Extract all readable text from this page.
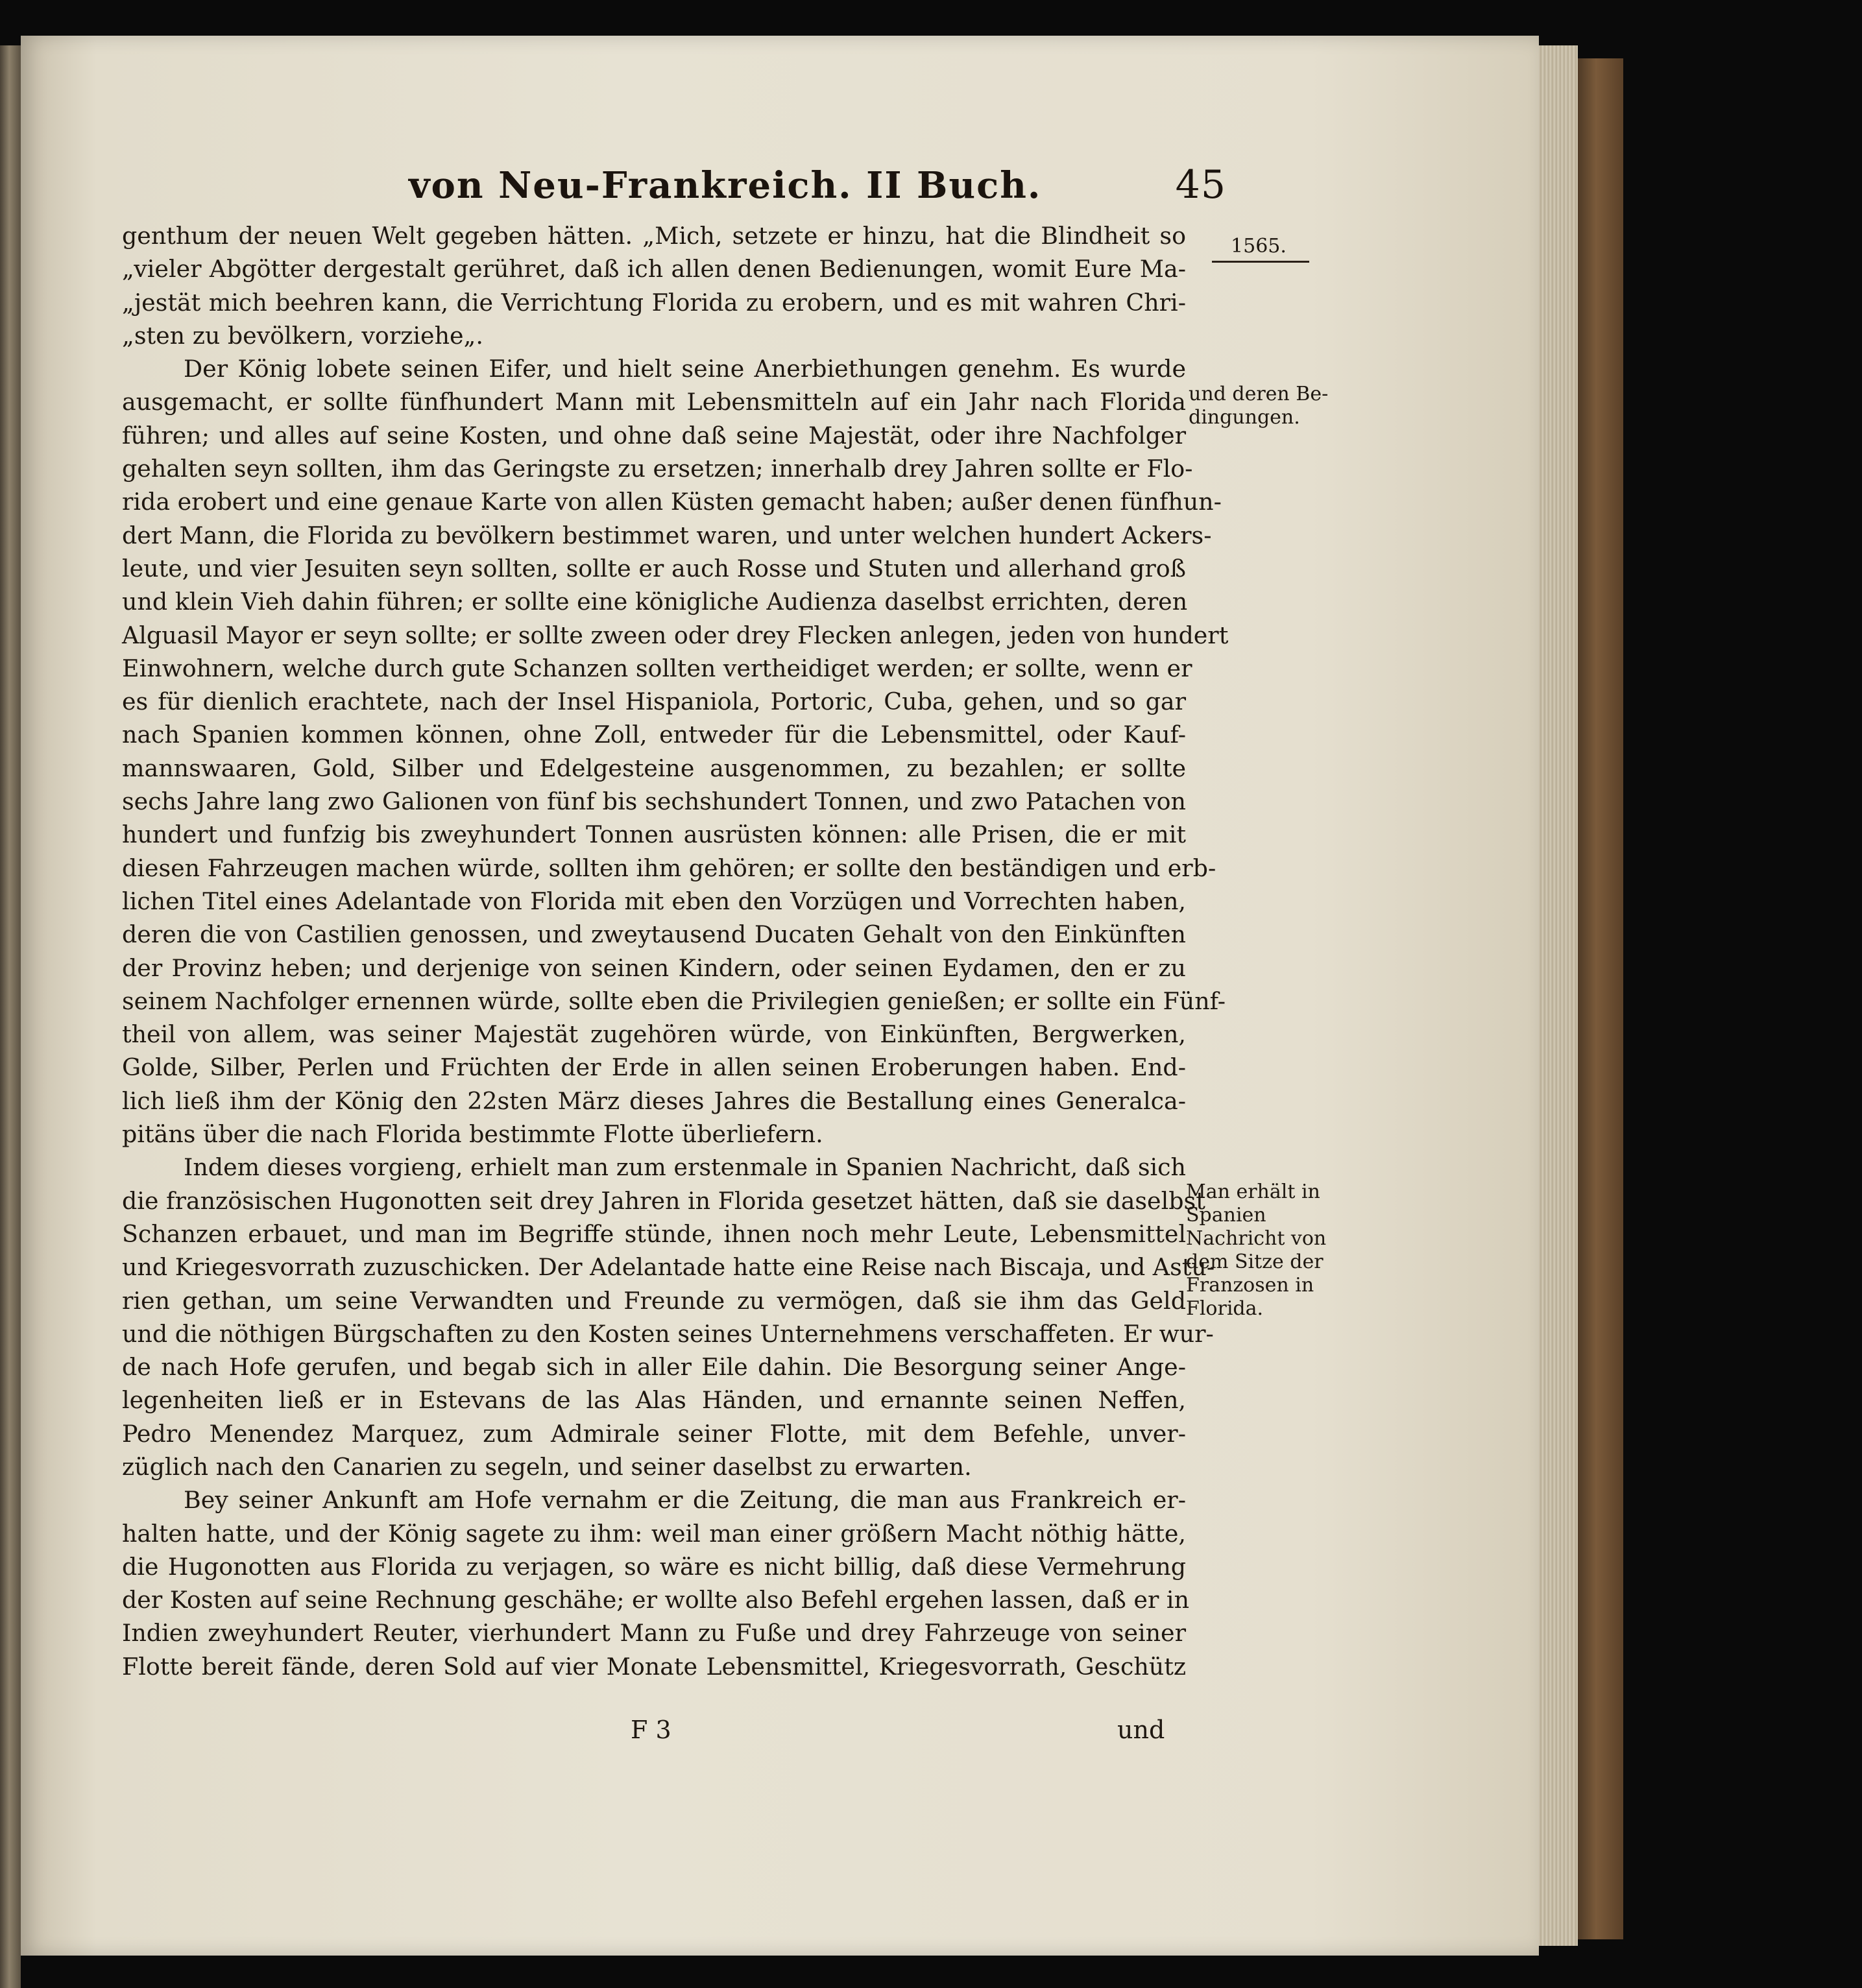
von Neu-Frankreich. II Buch.	45
1565.
und deren Be-
dingungen.
Man erhält in
Spanien
Nachricht von
dem Sitze der
Franzosen in
Florida.
genthum der neuen Welt gegeben hätten. „Mich, setzete er hinzu, hat die Blindheit so
„vieler Abgötter dergestalt gerühret, daß ich allen denen Bedienungen, womit Eure Ma-
„jestät mich beehren kann, die Verrichtung Florida zu erobern, und es mit wahren Chri-
„sten zu bevölkern, vorziehe„.
Der König lobete seinen Eifer, und hielt seine Anerbiethungen genehm. Es wurde
ausgemacht, er sollte fünfhundert Mann mit Lebensmitteln auf ein Jahr nach Florida
führen; und alles auf seine Kosten, und ohne daß seine Majestät, oder ihre Nachfolger
gehalten seyn sollten, ihm das Geringste zu ersetzen; innerhalb drey Jahren sollte er Flo-
rida erobert und eine genaue Karte von allen Küsten gemacht haben; außer denen fünfhun-
dert Mann, die Florida zu bevölkern bestimmet waren, und unter welchen hundert Ackers-
leute, und vier Jesuiten seyn sollten, sollte er auch Rosse und Stuten und allerhand groß
und klein Vieh dahin führen; er sollte eine königliche Audienza daselbst errichten, deren
Alguasil Mayor er seyn sollte; er sollte zween oder drey Flecken anlegen, jeden von hundert
Einwohnern, welche durch gute Schanzen sollten vertheidiget werden; er sollte, wenn er
es für dienlich erachtete, nach der Insel Hispaniola, Portoric, Cuba, gehen, und so gar
nach Spanien kommen können, ohne Zoll, entweder für die Lebensmittel, oder Kauf-
mannswaaren, Gold, Silber und Edelgesteine ausgenommen, zu bezahlen; er sollte
sechs Jahre lang zwo Galionen von fünf bis sechshundert Tonnen, und zwo Patachen von
hundert und funfzig bis zweyhundert Tonnen ausrüsten können: alle Prisen, die er mit
diesen Fahrzeugen machen würde, sollten ihm gehören; er sollte den beständigen und erb-
lichen Titel eines Adelantade von Florida mit eben den Vorzügen und Vorrechten haben,
deren die von Castilien genossen, und zweytausend Ducaten Gehalt von den Einkünften
der Provinz heben; und derjenige von seinen Kindern, oder seinen Eydamen, den er zu
seinem Nachfolger ernennen würde, sollte eben die Privilegien genießen; er sollte ein Fünf-
theil von allem, was seiner Majestät zugehören würde, von Einkünften, Bergwerken,
Golde, Silber, Perlen und Früchten der Erde in allen seinen Eroberungen haben. End-
lich ließ ihm der König den 22sten März dieses Jahres die Bestallung eines Generalca-
pitäns über die nach Florida bestimmte Flotte überliefern.
Indem dieses vorgieng, erhielt man zum erstenmale in Spanien Nachricht, daß sich
die französischen Hugonotten seit drey Jahren in Florida gesetzet hätten, daß sie daselbst
Schanzen erbauet, und man im Begriffe stünde, ihnen noch mehr Leute, Lebensmittel
und Kriegesvorrath zuzuschicken. Der Adelantade hatte eine Reise nach Biscaja, und Astu-
rien gethan, um seine Verwandten und Freunde zu vermögen, daß sie ihm das Geld
und die nöthigen Bürgschaften zu den Kosten seines Unternehmens verschaffeten. Er wur-
de nach Hofe gerufen, und begab sich in aller Eile dahin. Die Besorgung seiner Ange-
legenheiten ließ er in Estevans de las Alas Händen, und ernannte seinen Neffen,
Pedro Menendez Marquez, zum Admirale seiner Flotte, mit dem Befehle, unver-
züglich nach den Canarien zu segeln, und seiner daselbst zu erwarten.
Bey seiner Ankunft am Hofe vernahm er die Zeitung, die man aus Frankreich er-
halten hatte, und der König sagete zu ihm: weil man einer größern Macht nöthig hätte,
die Hugonotten aus Florida zu verjagen, so wäre es nicht billig, daß diese Vermehrung
der Kosten auf seine Rechnung geschähe; er wollte also Befehl ergehen lassen, daß er in
Indien zweyhundert Reuter, vierhundert Mann zu Fuße und drey Fahrzeuge von seiner
Flotte bereit fände, deren Sold auf vier Monate Lebensmittel, Kriegesvorrath, Geschütz
F 3	und
